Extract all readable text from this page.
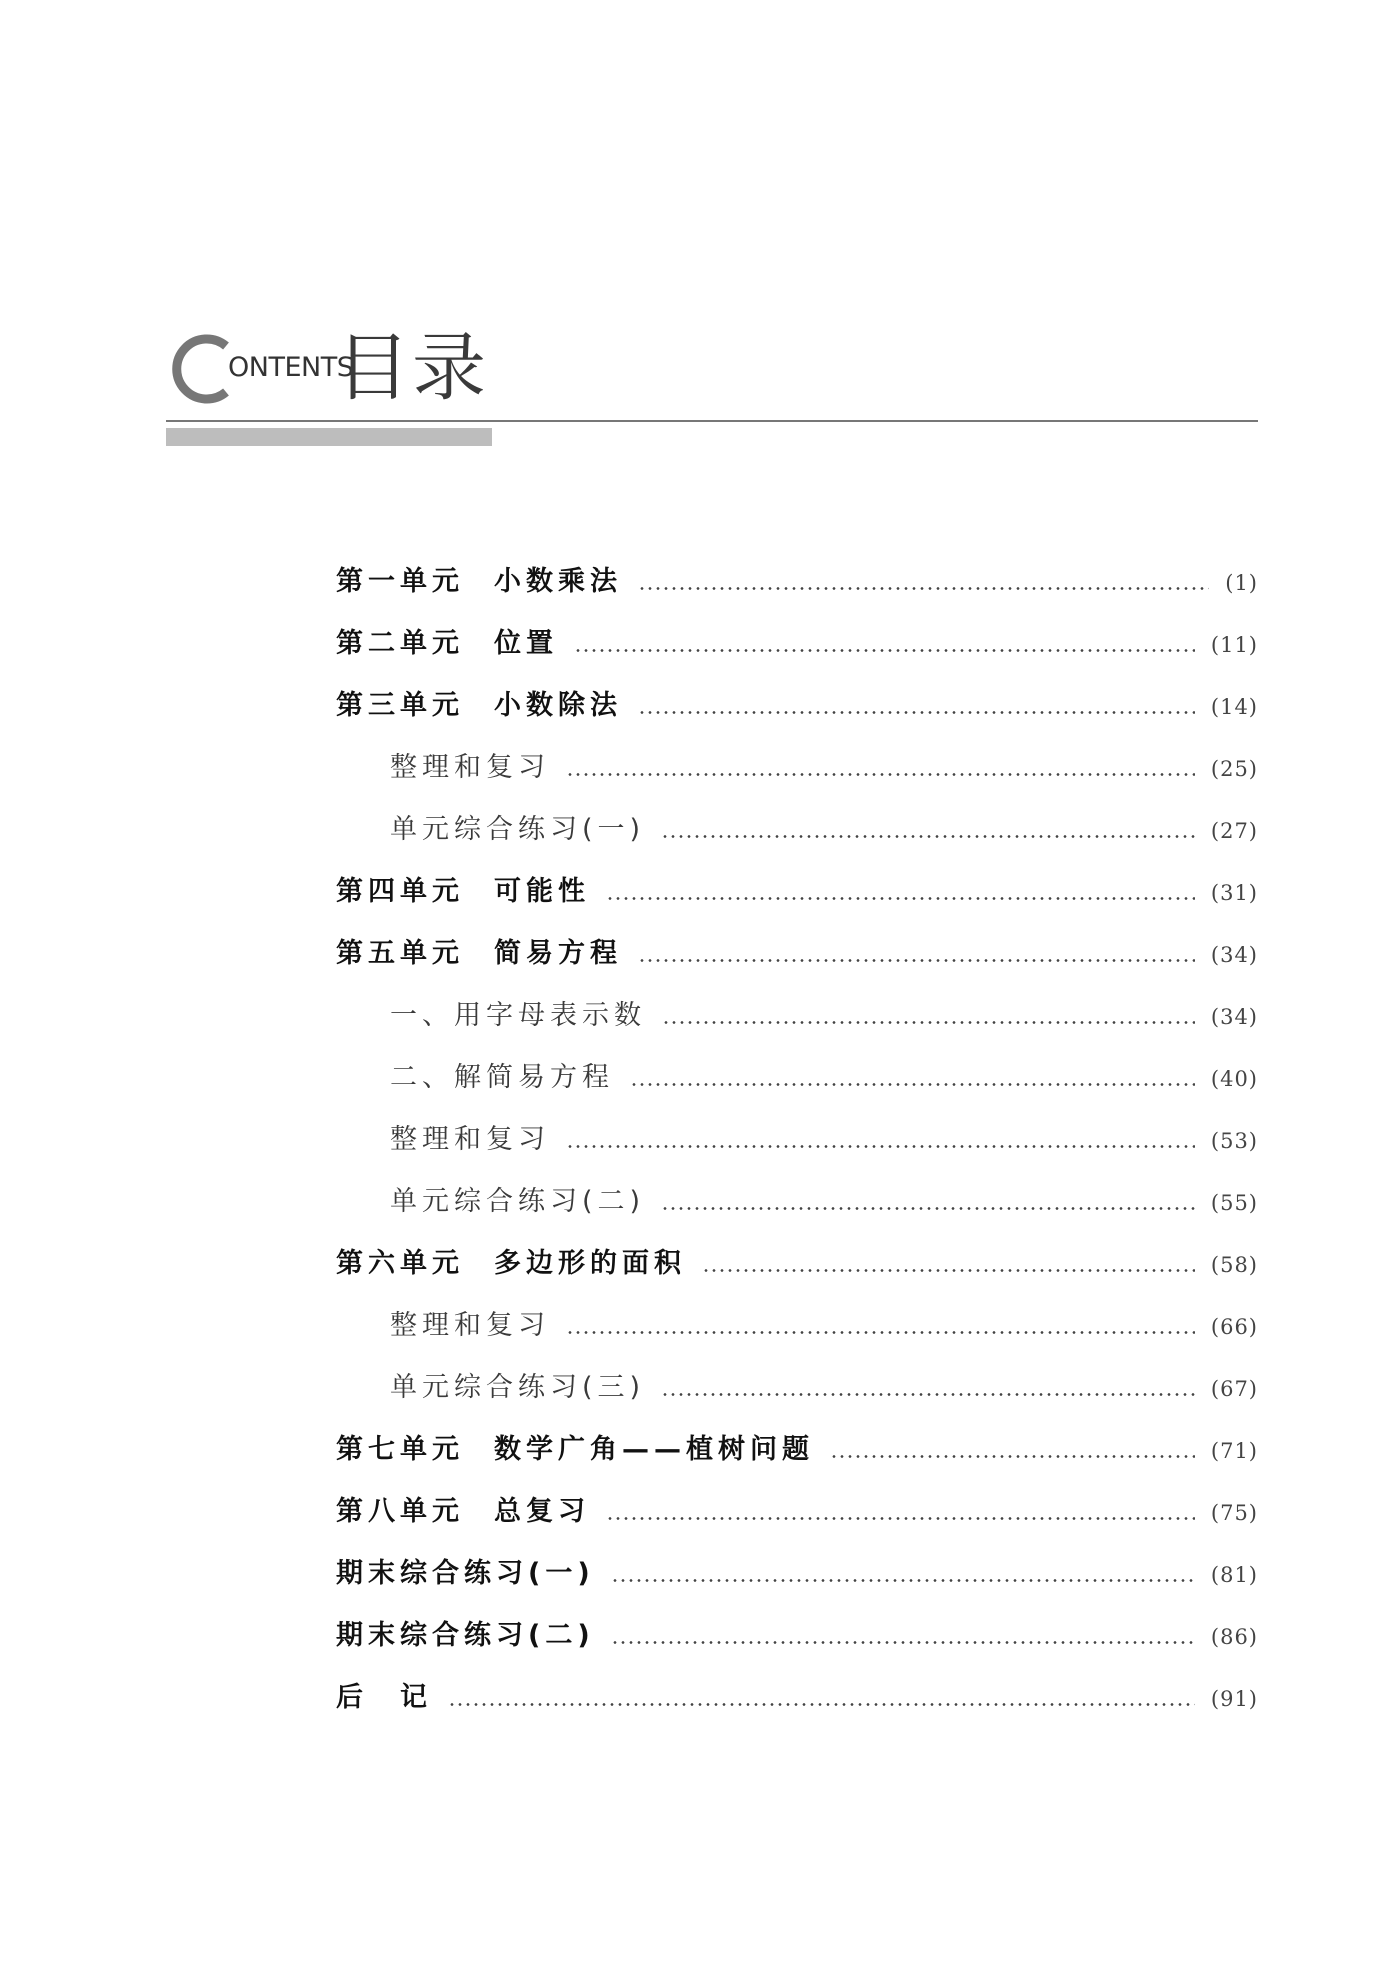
ONTENTS
目录
第一单元 小数乘法	(1)
第二单元 位置	(11)
第三单元 小数除法	(14)
整理和复习	(25)
单元综合练习(一)	(27)
第四单元 可能性	(31)
第五单元 简易方程	(34)
一、用字母表示数	(34)
二、解简易方程	(40)
整理和复习	(53)
单元综合练习(二)	(55)
第六单元 多边形的面积	(58)
整理和复习	(66)
单元综合练习(三)	(67)
第七单元 数学广角——植树问题	(71)
第八单元 总复习	(75)
期末综合练习(一)	(81)
期末综合练习(二)	(86)
后　记	(91)
